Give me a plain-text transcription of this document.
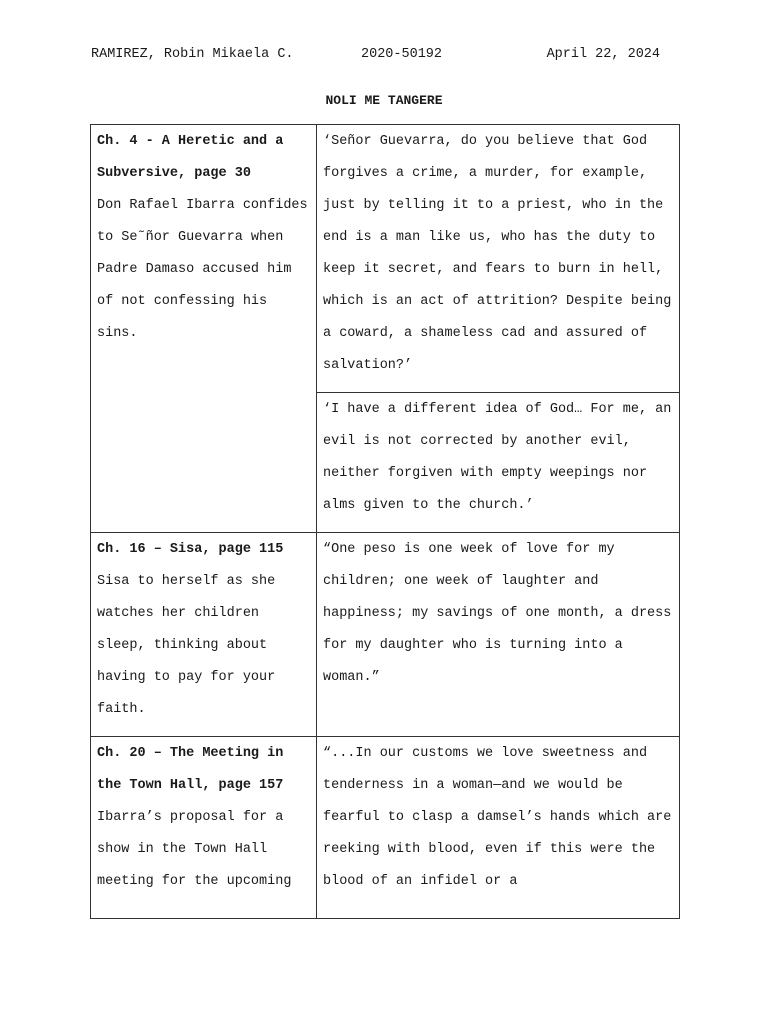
RAMIREZ, Robin Mikaela C.	2020-50192	April 22, 2024
NOLI ME TANGERE
Ch. 4 - A Heretic and a Subversive, page 30
Don Rafael Ibarra confides to Se˜ñor Guevarra when Padre Damaso accused him of not confessing his sins.	‘Señor Guevarra, do you believe that God forgives a crime, a murder, for example, just by telling it to a priest, who in the end is a man like us, who has the duty to keep it secret, and fears to burn in hell, which is an act of attrition? Despite being a coward, a shameless cad and assured of salvation?’

	‘I have a different idea of God… For me, an evil is not corrected by another evil, neither forgiven with empty weepings nor alms given to the church.’

Ch. 16 – Sisa, page 115
Sisa to herself as she watches her children sleep, thinking about having to pay for your faith.	“One peso is one week of love for my children; one week of laughter and happiness; my savings of one month, a dress for my daughter who is turning into a woman.”

Ch. 20 – The Meeting in the Town Hall, page 157
Ibarra’s proposal for a show in the Town Hall meeting for the upcoming	“...In our customs we love sweetness and tenderness in a woman—and we would be fearful to clasp a damsel’s hands which are reeking with blood, even if this were the blood of an infidel or a
